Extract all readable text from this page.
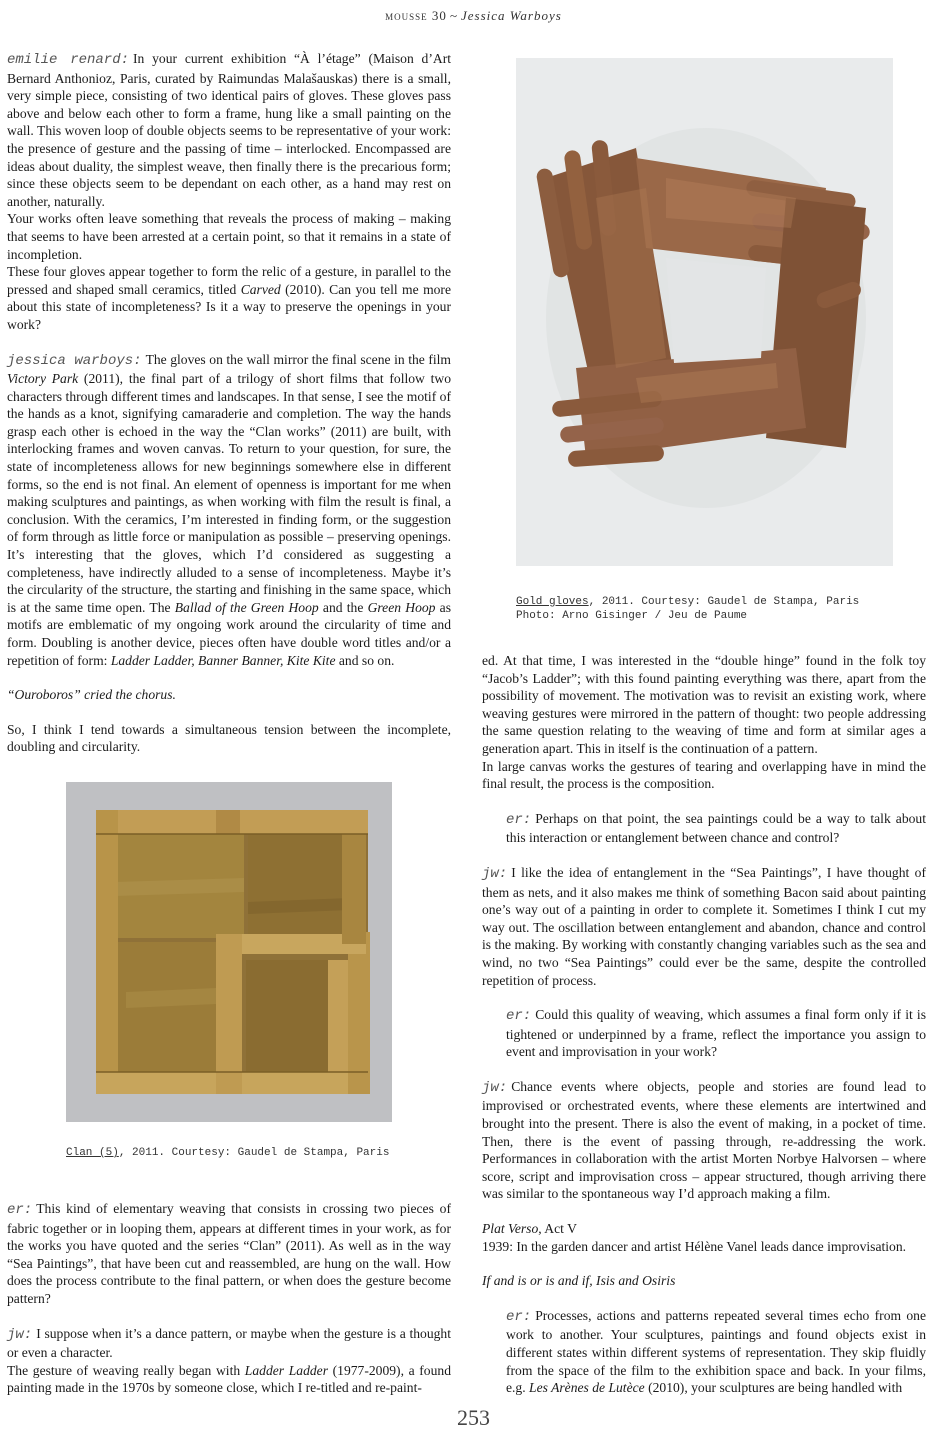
mousse 30 ~ Jessica Warboys

emilie renard: In your current exhibition “À l’étage” (Maison d’Art Bernard Anthonioz, Paris, curated by Raimundas Malašauskas) there is a small, very simple piece, consisting of two identical pairs of gloves. These gloves pass above and below each other to form a frame, hung like a small painting on the wall. This woven loop of double objects seems to be representative of your work: the presence of gesture and the passing of time – interlocked. Encompassed are ideas about duality, the simplest weave, then finally there is the precarious form; since these objects seem to be dependant on each other, as a hand may rest on another, naturally.

Your works often leave something that reveals the process of making – making that seems to have been arrested at a certain point, so that it remains in a state of incompletion.

These four gloves appear together to form the relic of a gesture, in parallel to the pressed and shaped small ceramics, titled Carved (2010). Can you tell me more about this state of incompleteness? Is it a way to preserve the openings in your work?

jessica warboys: The gloves on the wall mirror the final scene in the film Victory Park (2011), the final part of a trilogy of short films that follow two characters through different times and landscapes. In that sense, I see the motif of the hands as a knot, signifying camaraderie and completion. The way the hands grasp each other is echoed in the way the “Clan works” (2011) are built, with interlocking frames and woven canvas. To return to your question, for sure, the state of incompleteness allows for new beginnings somewhere else in different forms, so the end is not final. An element of openness is important for me when making sculptures and paintings, as when working with film the result is final, a conclusion. With the ceramics, I’m interested in finding form, or the suggestion of form through as little force or manipulation as possible – preserving openings. It’s interesting that the gloves, which I’d considered as suggesting a completeness, have indirectly alluded to a sense of incompleteness. Maybe it’s the circularity of the structure, the starting and finishing in the same space, which is at the same time open. The Ballad of the Green Hoop and the Green Hoop as motifs are emblematic of my ongoing work around the circularity of time and form. Doubling is another device, pieces often have double word titles and/or a repetition of form: Ladder Ladder, Banner Banner, Kite Kite and so on.

“Ouroboros” cried the chorus.

So, I think I tend towards a simultaneous tension between the incomplete, doubling and circularity.

Clan (5), 2011. Courtesy: Gaudel de Stampa, Paris

er: This kind of elementary weaving that consists in crossing two pieces of fabric together or in looping them, appears at different times in your work, as for the works you have quoted and the series “Clan” (2011). As well as in the way “Sea Paintings”, that have been cut and reassembled, are hung on the wall. How does the process contribute to the final pattern, or when does the gesture become pattern?

jw: I suppose when it’s a dance pattern, or maybe when the gesture is a thought or even a character.

The gesture of weaving really began with Ladder Ladder (1977-2009), a found painting made in the 1970s by someone close, which I re-titled and re-paint-

Gold gloves, 2011. Courtesy: Gaudel de Stampa, Paris
Photo: Arno Gisinger / Jeu de Paume

ed. At that time, I was interested in the “double hinge” found in the folk toy “Jacob’s Ladder”; with this found painting everything was there, apart from the possibility of movement. The motivation was to revisit an existing work, where weaving gestures were mirrored in the pattern of thought: two people addressing the same question relating to the weaving of time and form at similar ages a generation apart. This in itself is the continuation of a pattern.

In large canvas works the gestures of tearing and overlapping have in mind the final result, the process is the composition.

er: Perhaps on that point, the sea paintings could be a way to talk about this interaction or entanglement between chance and control?

jw: I like the idea of entanglement in the “Sea Paintings”, I have thought of them as nets, and it also makes me think of something Bacon said about painting one’s way out of a painting in order to complete it. Sometimes I think I cut my way out. The oscillation between entanglement and abandon, chance and control is the making. By working with constantly changing variables such as the sea and wind, no two “Sea Paintings” could ever be the same, despite the controlled repetition of process.

er: Could this quality of weaving, which assumes a final form only if it is tightened or underpinned by a frame, reflect the importance you assign to event and improvisation in your work?

jw: Chance events where objects, people and stories are found lead to improvised or orchestrated events, where these elements are intertwined and brought into the present. There is also the event of making, in a pocket of time. Then, there is the event of passing through, re-addressing the work. Performances in collaboration with the artist Morten Norbye Halvorsen – where score, script and improvisation cross – appear structured, though arriving there was similar to the spontaneous way I’d approach making a film.

Plat Verso, Act V

1939: In the garden dancer and artist Hélène Vanel leads dance improvisation.

If and is or is and if, Isis and Osiris

er: Processes, actions and patterns repeated several times echo from one work to another. Your sculptures, paintings and found objects exist in different states within different systems of representation. They skip fluidly from the space of the film to the exhibition space and back. In your films, e.g. Les Arènes de Lutèce (2010), your sculptures are being handled with

253
